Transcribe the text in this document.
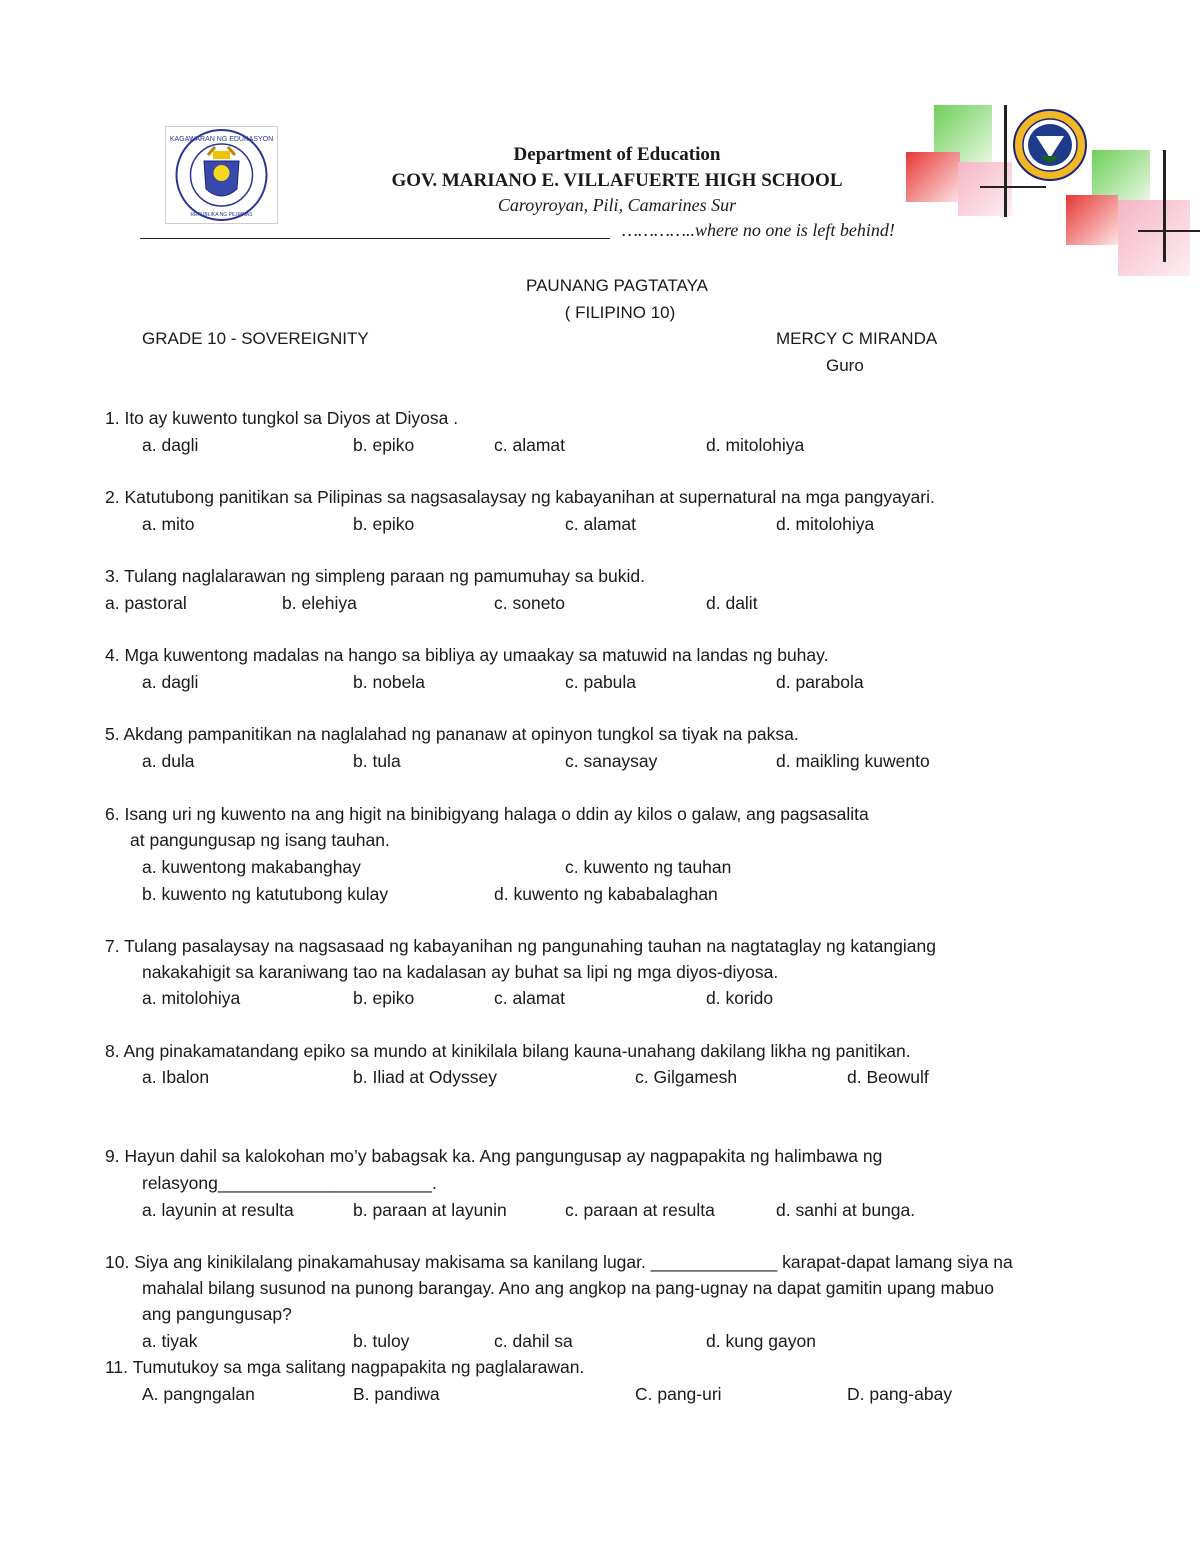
KAGAWARAN NG EDUKASYON
REPUBLIKA NG PILIPINAS
Department of Education
GOV. MARIANO E. VILLAFUERTE HIGH SCHOOL
Caroyroyan, Pili, Camarines Sur
…………..where no one is left behind!
PAUNANG PAGTATAYA
( FILIPINO 10)
GRADE 10 - SOVEREIGNITY	MERCY C MIRANDA
Guro
1. Ito ay kuwento tungkol sa Diyos at Diyosa .
a. dagli	b. epiko	c. alamat	d. mitolohiya
2. Katutubong panitikan sa Pilipinas sa nagsasalaysay ng kabayanihan at supernatural na mga pangyayari.
a. mito	b. epiko	c. alamat	d. mitolohiya
3. Tulang naglalarawan ng simpleng paraan ng pamumuhay sa bukid.
a. pastoral	b. elehiya	c. soneto	d. dalit
4. Mga kuwentong madalas na hango sa bibliya ay umaakay sa matuwid na landas ng buhay.
a. dagli	b. nobela	c. pabula	d. parabola
5. Akdang pampanitikan na naglalahad ng pananaw at opinyon tungkol sa tiyak na paksa.
a. dula	b. tula	c. sanaysay	d. maikling kuwento
6. Isang uri ng kuwento na ang higit na binibigyang halaga o ddin ay kilos o galaw, ang pagsasalita
at pangungusap ng isang tauhan.
a. kuwentong makabanghay	c. kuwento ng tauhan
b. kuwento ng katutubong kulay	d. kuwento ng kababalaghan
7. Tulang pasalaysay na nagsasaad ng kabayanihan ng pangunahing tauhan na nagtataglay ng katangiang
nakakahigit sa karaniwang tao na kadalasan ay buhat sa lipi ng mga diyos-diyosa.
a. mitolohiya	b. epiko	c. alamat	d. korido
8. Ang pinakamatandang epiko sa mundo at kinikilala bilang kauna-unahang dakilang likha ng panitikan.
a. Ibalon	b. Iliad at Odyssey	c. Gilgamesh	d. Beowulf
9. Hayun dahil sa kalokohan mo’y babagsak ka. Ang pangungusap ay nagpapakita ng halimbawa ng
relasyong______________________.
a. layunin at resulta	b. paraan at layunin	c. paraan at resulta	d. sanhi at bunga.
10. Siya ang kinikilalang pinakamahusay makisama sa kanilang lugar. _____________ karapat-dapat lamang siya na
mahalal bilang susunod na punong barangay. Ano ang angkop na pang-ugnay na dapat gamitin upang mabuo
ang pangungusap?
a. tiyak	b. tuloy	c. dahil sa	d. kung gayon
11. Tumutukoy sa mga salitang nagpapakita ng paglalarawan.
A. pangngalan	B. pandiwa	C. pang-uri	D. pang-abay
